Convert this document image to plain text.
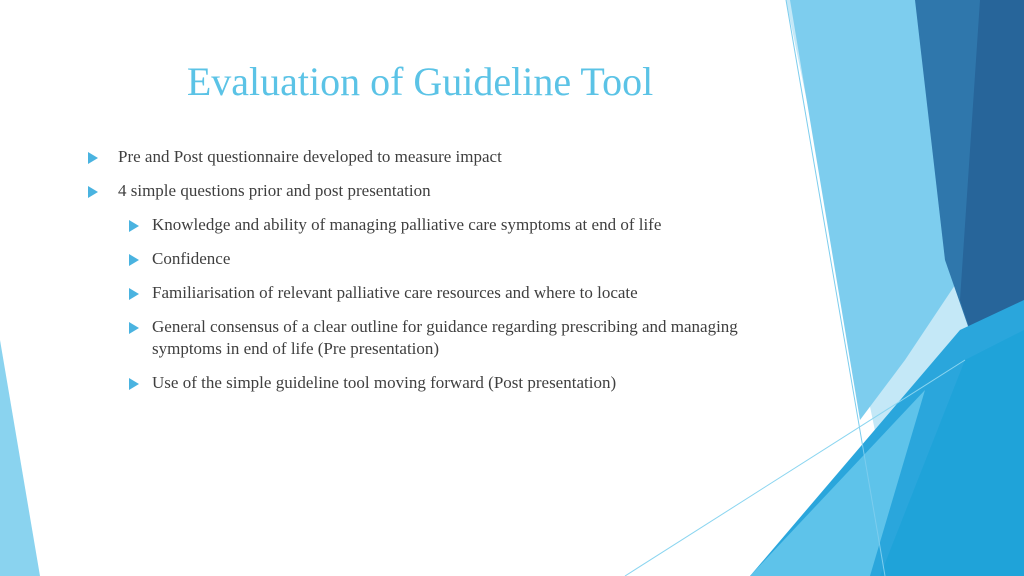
Evaluation of Guideline Tool
Pre and Post questionnaire developed to measure impact
4 simple questions prior and post presentation
Knowledge and ability of managing palliative care symptoms at end of life
Confidence
Familiarisation of relevant palliative care resources and where to locate
General consensus of a clear outline for guidance regarding prescribing and managing symptoms in end of life (Pre presentation)
Use of the simple guideline tool moving forward (Post presentation)
